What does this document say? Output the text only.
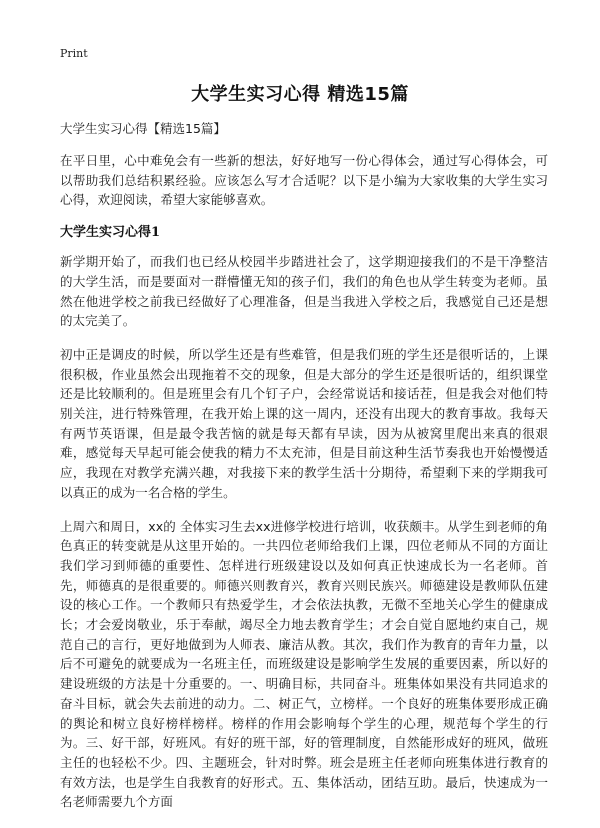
Print
大学生实习心得 精选15篇

大学生实习心得【精选15篇】

在平日里，心中难免会有一些新的想法，好好地写一份心得体会，通过写心得体会，可以帮助我们总结积累经验。应该怎么写才合适呢？以下是小编为大家收集的大学生实习心得，欢迎阅读，希望大家能够喜欢。

大学生实习心得1

新学期开始了，而我们也已经从校园半步踏进社会了，这学期迎接我们的不是干净整洁的大学生活，而是要面对一群懵懂无知的孩子们，我们的角色也从学生转变为老师。虽然在他进学校之前我已经做好了心理准备，但是当我进入学校之后，我感觉自己还是想的太完美了。

初中正是调皮的时候，所以学生还是有些难管，但是我们班的学生还是很听话的，上课很积极，作业虽然会出现拖着不交的现象，但是大部分的学生还是很听话的，组织课堂还是比较顺利的。但是班里会有几个钉子户，会经常说话和接话茬，但是我会对他们特别关注，进行特殊管理，在我开始上课的这一周内，还没有出现大的教育事故。我每天有两节英语课，但是最令我苦恼的就是每天都有早读，因为从被窝里爬出来真的很艰难，感觉每天早起可能会使我的精力不太充沛，但是目前这种生活节奏我也开始慢慢适应，我现在对教学充满兴趣，对我接下来的教学生活十分期待，希望剩下来的学期我可以真正的成为一名合格的学生。

上周六和周日，xx的 全体实习生去xx进修学校进行培训，收获颇丰。从学生到老师的角色真正的转变就是从这里开始的。一共四位老师给我们上课，四位老师从不同的方面让我们学习到师德的重要性、怎样进行班级建设以及如何真正快速成长为一名老师。首先，师德真的是很重要的。师德兴则教育兴，教育兴则民族兴。师德建设是教师队伍建设的核心工作。一个教师只有热爱学生，才会依法执教，无微不至地关心学生的健康成长；才会爱岗敬业，乐于奉献，竭尽全力地去教育学生；才会自觉自愿地约束自己，规范自己的言行，更好地做到为人师表、廉洁从教。其次，我们作为教育的青年力量，以后不可避免的就要成为一名班主任，而班级建设是影响学生发展的重要因素，所以好的建设班级的方法是十分重要的。一、明确目标，共同奋斗。班集体如果没有共同追求的奋斗目标，就会失去前进的动力。二、树正气，立榜样。一个良好的班集体要形成正确的舆论和树立良好榜样榜样。榜样的作用会影响每个学生的心理，规范每个学生的行为。三、好干部，好班风。有好的班干部，好的管理制度，自然能形成好的班风，做班主任的也轻松不少。四、主题班会，针对时弊。班会是班主任老师向班集体进行教育的有效方法，也是学生自我教育的好形式。五、集体活动，团结互助。最后，快速成为一名老师需要九个方面
